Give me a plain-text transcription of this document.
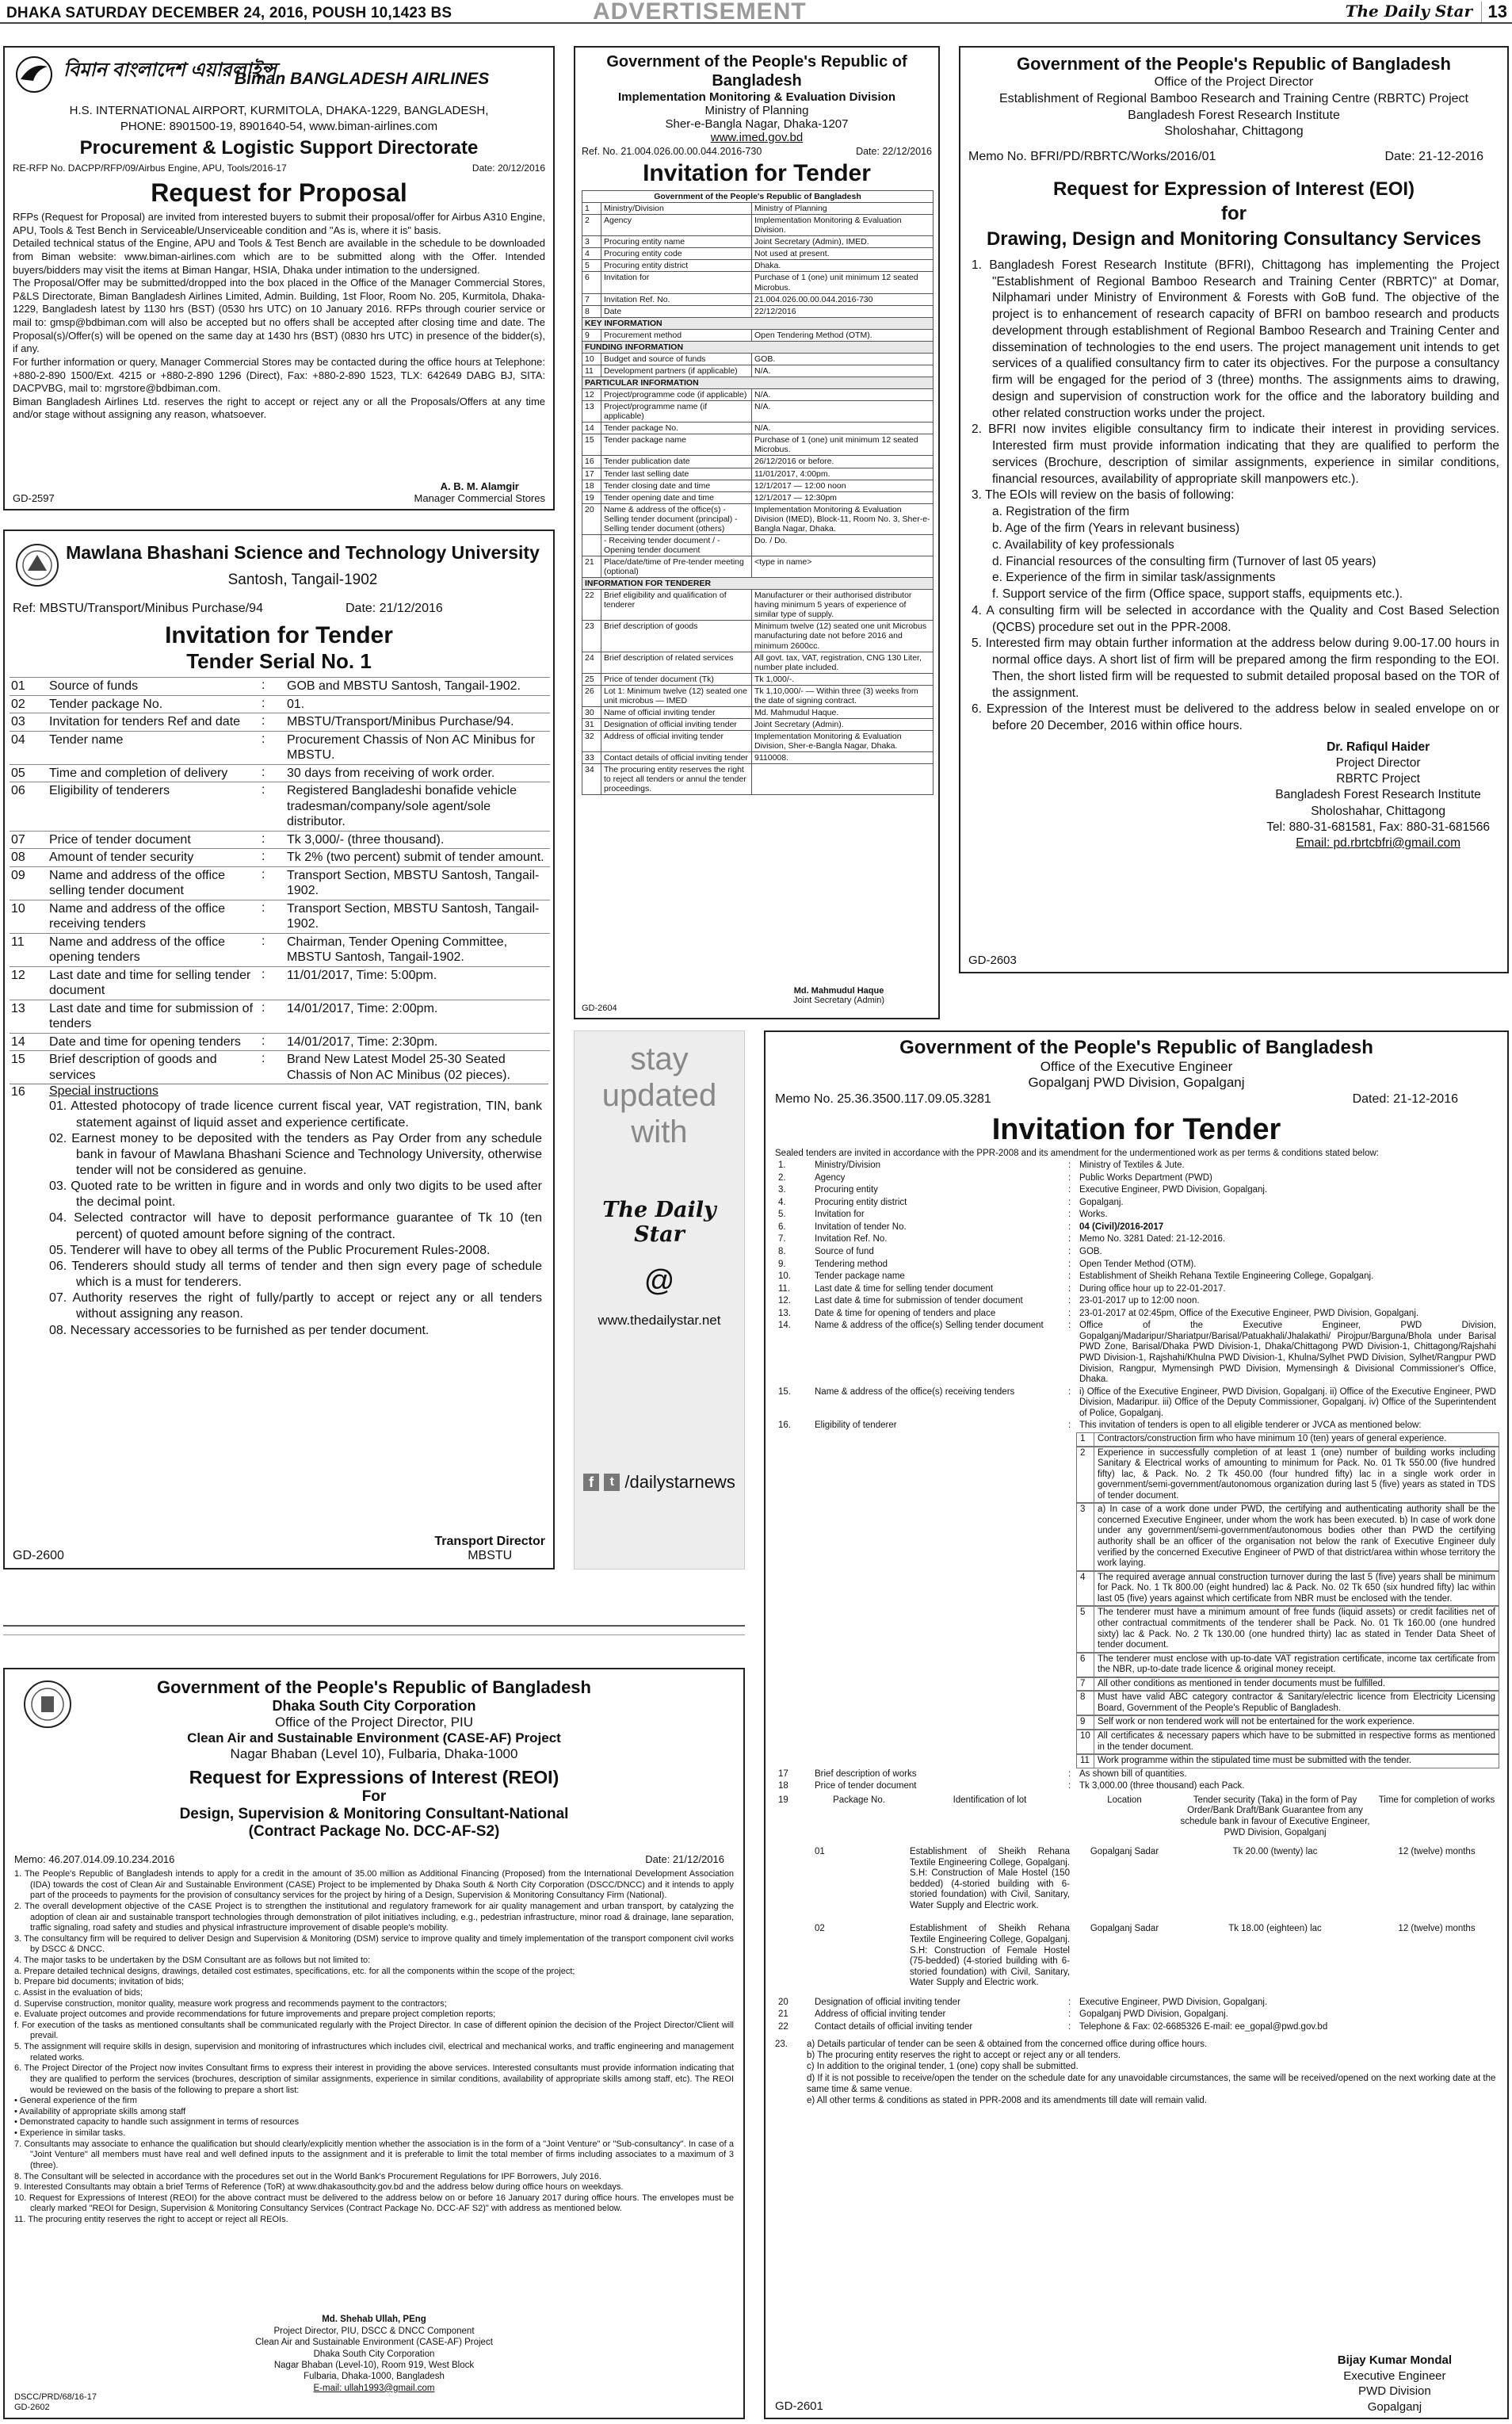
DHAKA SATURDAY DECEMBER 24, 2016, POUSH 10,1423 BS	ADVERTISEMENT	The Daily Star 13
বিমান বাংলাদেশ এয়ারলাইন্স
Biman BANGLADESH AIRLINES
H.S. INTERNATIONAL AIRPORT, KURMITOLA, DHAKA-1229, BANGLADESH,
PHONE: 8901500-19, 8901640-54, www.biman-airlines.com
Procurement & Logistic Support Directorate
RE-RFP No. DACPP/RFP/09/Airbus Engine, APU, Tools/2016-17	Date: 20/12/2016
Request for Proposal

RFPs (Request for Proposal) are invited from interested buyers to submit their proposal/offer for Airbus A310 Engine, APU, Tools & Test Bench in Serviceable/Unserviceable condition and "As is, where it is" basis.

Detailed technical status of the Engine, APU and Tools & Test Bench are available in the schedule to be downloaded from Biman website: www.biman-airlines.com which are to be submitted along with the Offer. Intended buyers/bidders may visit the items at Biman Hangar, HSIA, Dhaka under intimation to the undersigned.

The Proposal/Offer may be submitted/dropped into the box placed in the Office of the Manager Commercial Stores, P&LS Directorate, Biman Bangladesh Airlines Limited, Admin. Building, 1st Floor, Room No. 205, Kurmitola, Dhaka-1229, Bangladesh latest by 1130 hrs (BST) (0530 hrs UTC) on 10 January 2016. RFPs through courier service or mail to: gmsp@bdbiman.com will also be accepted but no offers shall be accepted after closing time and date. The Proposal(s)/Offer(s) will be opened on the same day at 1430 hrs (BST) (0830 hrs UTC) in presence of the bidder(s), if any.

For further information or query, Manager Commercial Stores may be contacted during the office hours at Telephone: +880-2-890 1500/Ext. 4215 or +880-2-890 1296 (Direct), Fax: +880-2-890 1523, TLX: 642649 DABG BJ, SITA: DACPVBG, mail to: mgrstore@bdbiman.com.

Biman Bangladesh Airlines Ltd. reserves the right to accept or reject any or all the Proposals/Offers at any time and/or stage without assigning any reason, whatsoever.

GD-2597
A. B. M. Alamgir
Manager Commercial Stores
Mawlana Bhashani Science and Technology University
Santosh, Tangail-1902
Ref: MBSTU/Transport/Minibus Purchase/94	Date: 21/12/2016
Invitation for Tender
Tender Serial No. 1
01	Source of funds	:	GOB and MBSTU Santosh, Tangail-1902.
02	Tender package No.	:	01.
03	Invitation for tenders Ref and date	:	MBSTU/Transport/Minibus Purchase/94.
04	Tender name	:	Procurement Chassis of Non AC Minibus for MBSTU.
05	Time and completion of delivery	:	30 days from receiving of work order.
06	Eligibility of tenderers	:	Registered Bangladeshi bonafide vehicle tradesman/company/sole agent/sole distributor.
07	Price of tender document	:	Tk 3,000/- (three thousand).
08	Amount of tender security	:	Tk 2% (two percent) submit of tender amount.
09	Name and address of the office selling tender document	:	Transport Section, MBSTU Santosh, Tangail-1902.
10	Name and address of the office receiving tenders	:	Transport Section, MBSTU Santosh, Tangail-1902.
11	Name and address of the office opening tenders	:	Chairman, Tender Opening Committee, MBSTU Santosh, Tangail-1902.
12	Last date and time for selling tender document	:	11/01/2017, Time: 5:00pm.
13	Last date and time for submission of tenders	:	14/01/2017, Time: 2:00pm.
14	Date and time for opening tenders	:	14/01/2017, Time: 2:30pm.
15	Brief description of goods and services	:	Brand New Latest Model 25-30 Seated Chassis of Non AC Minibus (02 pieces).
16 Special instructions

01. Attested photocopy of trade licence current fiscal year, VAT registration, TIN, bank statement against of liquid asset and experience certificate.

02. Earnest money to be deposited with the tenders as Pay Order from any schedule bank in favour of Mawlana Bhashani Science and Technology University, otherwise tender will not be considered as genuine.

03. Quoted rate to be written in figure and in words and only two digits to be used after the decimal point.

04. Selected contractor will have to deposit performance guarantee of Tk 10 (ten percent) of quoted amount before signing of the contract.

05. Tenderer will have to obey all terms of the Public Procurement Rules-2008.

06. Tenderers should study all terms of tender and then sign every page of schedule which is a must for tenderers.

07. Authority reserves the right of fully/partly to accept or reject any or all tenders without assigning any reason.

08. Necessary accessories to be furnished as per tender document.

GD-2600
Transport Director
MBSTU
Government of the People's Republic of Bangladesh
Implementation Monitoring & Evaluation Division
Ministry of Planning
Sher-e-Bangla Nagar, Dhaka-1207
www.imed.gov.bd
Ref. No. 21.004.026.00.00.044.2016-730	Date: 22/12/2016
Invitation for Tender
Government of the People's Republic of Bangladesh		
1	Ministry/Division	Ministry of Planning
2	Agency	Implementation Monitoring & Evaluation Division.
3	Procuring entity name	Joint Secretary (Admin), IMED.
4	Procuring entity code	Not used at present.
5	Procuring entity district	Dhaka.
6	Invitation for	Purchase of 1 (one) unit minimum 12 seated Microbus.
7	Invitation Ref. No.	21.004.026.00.00.044.2016-730
8	Date	22/12/2016
KEY INFORMATION		
9	Procurement method	Open Tendering Method (OTM).
FUNDING INFORMATION		
10	Budget and source of funds	GOB.
11	Development partners (if applicable)	N/A.
PARTICULAR INFORMATION		
12	Project/programme code (if applicable)	N/A.
13	Project/programme name (if applicable)	N/A.
14	Tender package No.	N/A.
15	Tender package name	Purchase of 1 (one) unit minimum 12 seated Microbus.
16	Tender publication date	26/12/2016 or before.
17	Tender last selling date	11/01/2017, 4:00pm.
18	Tender closing date and time	12/1/2017 — 12:00 noon
19	Tender opening date and time	12/1/2017 — 12:30pm
20	Name & address of the office(s) - Selling tender document (principal) - Selling tender document (others)	Implementation Monitoring & Evaluation Division (IMED), Block-11, Room No. 3, Sher-e-Bangla Nagar, Dhaka.
	- Receiving tender document / - Opening tender document	Do. / Do.
21	Place/date/time of Pre-tender meeting (optional)	<type in name>
INFORMATION FOR TENDERER		
22	Brief eligibility and qualification of tenderer	Manufacturer or their authorised distributor having minimum 5 years of experience of similar type of supply.
23	Brief description of goods	Minimum twelve (12) seated one unit Microbus manufacturing date not before 2016 and minimum 2600cc.
24	Brief description of related services	All govt. tax, VAT, registration, CNG 130 Liter, number plate included.
25	Price of tender document (Tk)	Tk 1,000/-.
26	Lot 1: Minimum twelve (12) seated one unit microbus — IMED	Tk 1,10,000/- — Within three (3) weeks from the date of signing contract.
30	Name of official inviting tender	Md. Mahmudul Haque.
31	Designation of official inviting tender	Joint Secretary (Admin).
32	Address of official inviting tender	Implementation Monitoring & Evaluation Division, Sher-e-Bangla Nagar, Dhaka.
33	Contact details of official inviting tender	9110008.
34	The procuring entity reserves the right to reject all tenders or annul the tender proceedings.	
GD-2604
Md. Mahmudul Haque
Joint Secretary (Admin)
stay
updated
with
The Daily Star
@
www.thedailystar.net
f t /dailystarnews
Government of the People's Republic of Bangladesh
Office of the Project Director
Establishment of Regional Bamboo Research and Training Centre (RBRTC) Project
Bangladesh Forest Research Institute
Sholoshahar, Chittagong
Memo No. BFRI/PD/RBRTC/Works/2016/01	Date: 21-12-2016
Request for Expression of Interest (EOI)
for
Drawing, Design and Monitoring Consultancy Services

1. Bangladesh Forest Research Institute (BFRI), Chittagong has implementing the Project "Establishment of Regional Bamboo Research and Training Center (RBRTC)" at Domar, Nilphamari under Ministry of Environment & Forests with GoB fund. The objective of the project is to enhancement of research capacity of BFRI on bamboo research and products development through establishment of Regional Bamboo Research and Training Center and dissemination of technologies to the end users. The project management unit intends to get services of a qualified consultancy firm to cater its objectives. For the purpose a consultancy firm will be engaged for the period of 3 (three) months. The assignments aims to drawing, design and supervision of construction work for the office and the laboratory building and other related construction works under the project.

2. BFRI now invites eligible consultancy firm to indicate their interest in providing services. Interested firm must provide information indicating that they are qualified to perform the services (Brochure, description of similar assignments, experience in similar conditions, financial resources, availability of appropriate skill manpowers etc.).

3. The EOIs will review on the basis of following:

a. Registration of the firm

b. Age of the firm (Years in relevant business)

c. Availability of key professionals

d. Financial resources of the consulting firm (Turnover of last 05 years)

e. Experience of the firm in similar task/assignments

f. Support service of the firm (Office space, support staffs, equipments etc.).

4. A consulting firm will be selected in accordance with the Quality and Cost Based Selection (QCBS) procedure set out in the PPR-2008.

5. Interested firm may obtain further information at the address below during 9.00-17.00 hours in normal office days. A short list of firm will be prepared among the firm responding to the EOI. Then, the short listed firm will be requested to submit detailed proposal based on the TOR of the assignment.

6. Expression of the Interest must be delivered to the address below in sealed envelope on or before 20 December, 2016 within office hours.

Dr. Rafiqul Haider
Project Director
RBRTC Project
Bangladesh Forest Research Institute
Sholoshahar, Chittagong
Tel: 880-31-681581, Fax: 880-31-681566
Email: pd.rbrtcbfri@gmail.com
GD-2603
Government of the People's Republic of Bangladesh
Office of the Executive Engineer
Gopalganj PWD Division, Gopalganj
Memo No. 25.36.3500.117.09.05.3281	Dated: 21-12-2016
Invitation for Tender
Sealed tenders are invited in accordance with the PPR-2008 and its amendment for the undermentioned work as per terms & conditions stated below:
1.	Ministry/Division	:	Ministry of Textiles & Jute.
2.	Agency	:	Public Works Department (PWD)
3.	Procuring entity	:	Executive Engineer, PWD Division, Gopalganj.
4.	Procuring entity district	:	Gopalganj.
5.	Invitation for	:	Works.
6.	Invitation of tender No.	:	04 (Civil)/2016-2017
7.	Invitation Ref. No.	:	Memo No. 3281 Dated: 21-12-2016.
8.	Source of fund	:	GOB.
9.	Tendering method	:	Open Tender Method (OTM).
10.	Tender package name	:	Establishment of Sheikh Rehana Textile Engineering College, Gopalganj.
11.	Last date & time for selling tender document	:	During office hour up to 22-01-2017.
12.	Last date & time for submission of tender document	:	23-01-2017 up to 12:00 noon.
13.	Date & time for opening of tenders and place	:	23-01-2017 at 02:45pm, Office of the Executive Engineer, PWD Division, Gopalganj.
14.	Name & address of the office(s) Selling tender document	:	Office of the Executive Engineer, PWD Division, Gopalganj/Madaripur/Shariatpur/Barisal/Patuakhali/Jhalakathi/ Pirojpur/Barguna/Bhola under Barisal PWD Zone, Barisal/Dhaka PWD Division-1, Dhaka/Chittagong PWD Division-1, Chittagong/Rajshahi PWD Division-1, Rajshahi/Khulna PWD Division-1, Khulna/Sylhet PWD Division, Sylhet/Rangpur PWD Division, Rangpur, Mymensingh PWD Division, Mymensingh & Divisional Commissioner's Office, Dhaka.
15.	Name & address of the office(s) receiving tenders	:	i) Office of the Executive Engineer, PWD Division, Gopalganj. ii) Office of the Executive Engineer, PWD Division, Madaripur. iii) Office of the Deputy Commissioner, Gopalganj. iv) Office of the Superintendent of Police, Gopalganj.
16.	Eligibility of tenderer	:	This invitation of tenders is open to all eligible tenderer or JVCA as mentioned below:

1	Contractors/construction firm who have minimum 10 (ten) years of general experience.

2	Experience in successfully completion of at least 1 (one) number of building works including Sanitary & Electrical works of amounting to minimum for Pack. No. 01 Tk 550.00 (five hundred fifty) lac, & Pack. No. 2 Tk 450.00 (four hundred fifty) lac in a single work order in government/semi-government/autonomous organization during last 5 (five) years as stated in TDS of tender document.

3	a) In case of a work done under PWD, the certifying and authenticating authority shall be the concerned Executive Engineer, under whom the work has been executed. b) In case of work done under any government/semi-government/autonomous bodies other than PWD the certifying authority shall be an officer of the organisation not below the rank of Executive Engineer duly verified by the concerned Executive Engineer of PWD of that district/area within whose territory the work laying.

4	The required average annual construction turnover during the last 5 (five) years shall be minimum for Pack. No. 1 Tk 800.00 (eight hundred) lac & Pack. No. 02 Tk 650 (six hundred fifty) lac within last 05 (five) years against which certificate from NBR must be enclosed with the tender.

5	The tenderer must have a minimum amount of free funds (liquid assets) or credit facilities net of other contractual commitments of the tenderer shall be Pack. No. 01 Tk 160.00 (one hundred sixty) lac & Pack. No. 2 Tk 130.00 (one hundred thirty) lac as stated in Tender Data Sheet of tender document.

6	The tenderer must enclose with up-to-date VAT registration certificate, income tax certificate from the NBR, up-to-date trade licence & original money receipt.

7	All other conditions as mentioned in tender documents must be fulfilled.

8	Must have valid ABC category contractor & Sanitary/electric licence from Electricity Licensing Board, Government of the People's Republic of Bangladesh.

9	Self work or non tendered work will not be entertained for the work experience.

10	All certificates & necessary papers which have to be submitted in respective forms as mentioned in the tender document.

11	Work programme within the stipulated time must be submitted with the tender.

17	Brief description of works	:	As shown bill of quantities.
18	Price of tender document	:	Tk 3,000.00 (three thousand) each Pack.
19	Package No.	Identification of lot	Location	Tender security (Taka) in the form of Pay Order/Bank Draft/Bank Guarantee from any schedule bank in favour of Executive Engineer, PWD Division, Gopalganj	Time for completion of works
	01	Establishment of Sheikh Rehana Textile Engineering College, Gopalganj. S.H: Construction of Male Hostel (150 bedded) (4-storied building with 6-storied foundation) with Civil, Sanitary, Water Supply and Electric work.	Gopalganj Sadar	Tk 20.00 (twenty) lac	12 (twelve) months
	02	Establishment of Sheikh Rehana Textile Engineering College, Gopalganj. S.H: Construction of Female Hostel (75-bedded) (4-storied building with 6-storied foundation) with Civil, Sanitary, Water Supply and Electric work.	Gopalganj Sadar	Tk 18.00 (eighteen) lac	12 (twelve) months
20	Designation of official inviting tender	:	Executive Engineer, PWD Division, Gopalganj.
21	Address of official inviting tender	:	Gopalganj PWD Division, Gopalganj.
22	Contact details of official inviting tender	:	Telephone & Fax: 02-6685326 E-mail: ee_gopal@pwd.gov.bd
23. a) Details particular of tender can be seen & obtained from the concerned office during office hours.
b) The procuring entity reserves the right to accept or reject any or all tenders.
c) In addition to the original tender, 1 (one) copy shall be submitted.
d) If it is not possible to receive/open the tender on the schedule date for any unavoidable circumstances, the same will be received/opened on the next working date at the same time & same venue.
e) All other terms & conditions as stated in PPR-2008 and its amendments till date will remain valid.
Bijay Kumar Mondal
Executive Engineer
PWD Division
Gopalganj
GD-2601
Government of the People's Republic of Bangladesh
Dhaka South City Corporation
Office of the Project Director, PIU
Clean Air and Sustainable Environment (CASE-AF) Project
Nagar Bhaban (Level 10), Fulbaria, Dhaka-1000
Request for Expressions of Interest (REOI)
For
Design, Supervision & Monitoring Consultant-National
(Contract Package No. DCC-AF-S2)
Memo: 46.207.014.09.10.234.2016	Date: 21/12/2016

1. The People's Republic of Bangladesh intends to apply for a credit in the amount of 35.00 million as Additional Financing (Proposed) from the International Development Association (IDA) towards the cost of Clean Air and Sustainable Environment (CASE) Project to be implemented by Dhaka South & North City Corporation (DSCC/DNCC) and it intends to apply part of the proceeds to payments for the provision of consultancy services for the project by hiring of a Design, Supervision & Monitoring Consultancy Firm (National).

2. The overall development objective of the CASE Project is to strengthen the institutional and regulatory framework for air quality management and urban transport, by catalyzing the adoption of clean air and sustainable transport technologies through demonstration of pilot initiatives including, e.g., pedestrian infrastructure, minor road & drainage, lane separation, traffic signaling, road safety and studies and physical infrastructure improvement of disable people's mobility.

3. The consultancy firm will be required to deliver Design and Supervision & Monitoring (DSM) service to improve quality and timely implementation of the transport component civil works by DSCC & DNCC.

4. The major tasks to be undertaken by the DSM Consultant are as follows but not limited to:

a. Prepare detailed technical designs, drawings, detailed cost estimates, specifications, etc. for all the components within the scope of the project;

b. Prepare bid documents; invitation of bids;

c. Assist in the evaluation of bids;

d. Supervise construction, monitor quality, measure work progress and recommends payment to the contractors;

e. Evaluate project outcomes and provide recommendations for future improvements and prepare project completion reports;

f. For execution of the tasks as mentioned consultants shall be communicated regularly with the Project Director. In case of different opinion the decision of the Project Director/Client will prevail.

5. The assignment will require skills in design, supervision and monitoring of infrastructures which includes civil, electrical and mechanical works, and traffic engineering and management related works.

6. The Project Director of the Project now invites Consultant firms to express their interest in providing the above services. Interested consultants must provide information indicating that they are qualified to perform the services (brochures, description of similar assignments, experience in similar conditions, availability of appropriate skills among staff, etc). The REOI would be reviewed on the basis of the following to prepare a short list:

• General experience of the firm

• Availability of appropriate skills among staff

• Demonstrated capacity to handle such assignment in terms of resources

• Experience in similar tasks.

7. Consultants may associate to enhance the qualification but should clearly/explicitly mention whether the association is in the form of a "Joint Venture" or "Sub-consultancy". In case of a "Joint Venture" all members must have real and well defined inputs to the assignment and it is preferable to limit the total member of firms including associates to a maximum of 3 (three).

8. The Consultant will be selected in accordance with the procedures set out in the World Bank's Procurement Regulations for IPF Borrowers, July 2016.

9. Interested Consultants may obtain a brief Terms of Reference (ToR) at www.dhakasouthcity.gov.bd and the address below during office hours on weekdays.

10. Request for Expressions of Interest (REOI) for the above contract must be delivered to the address below on or before 16 January 2017 during office hours. The envelopes must be clearly marked "REOI for Design, Supervision & Monitoring Consultancy Services (Contract Package No. DCC-AF S2)" with address as mentioned below.

11. The procuring entity reserves the right to accept or reject all REOIs.

Md. Shehab Ullah, PEng
Project Director, PIU, DSCC & DNCC Component
Clean Air and Sustainable Environment (CASE-AF) Project
Dhaka South City Corporation
Nagar Bhaban (Level-10), Room 919, West Block
Fulbaria, Dhaka-1000, Bangladesh
E-mail: ullah1993@gmail.com
DSCC/PRD/68/16-17
GD-2602
